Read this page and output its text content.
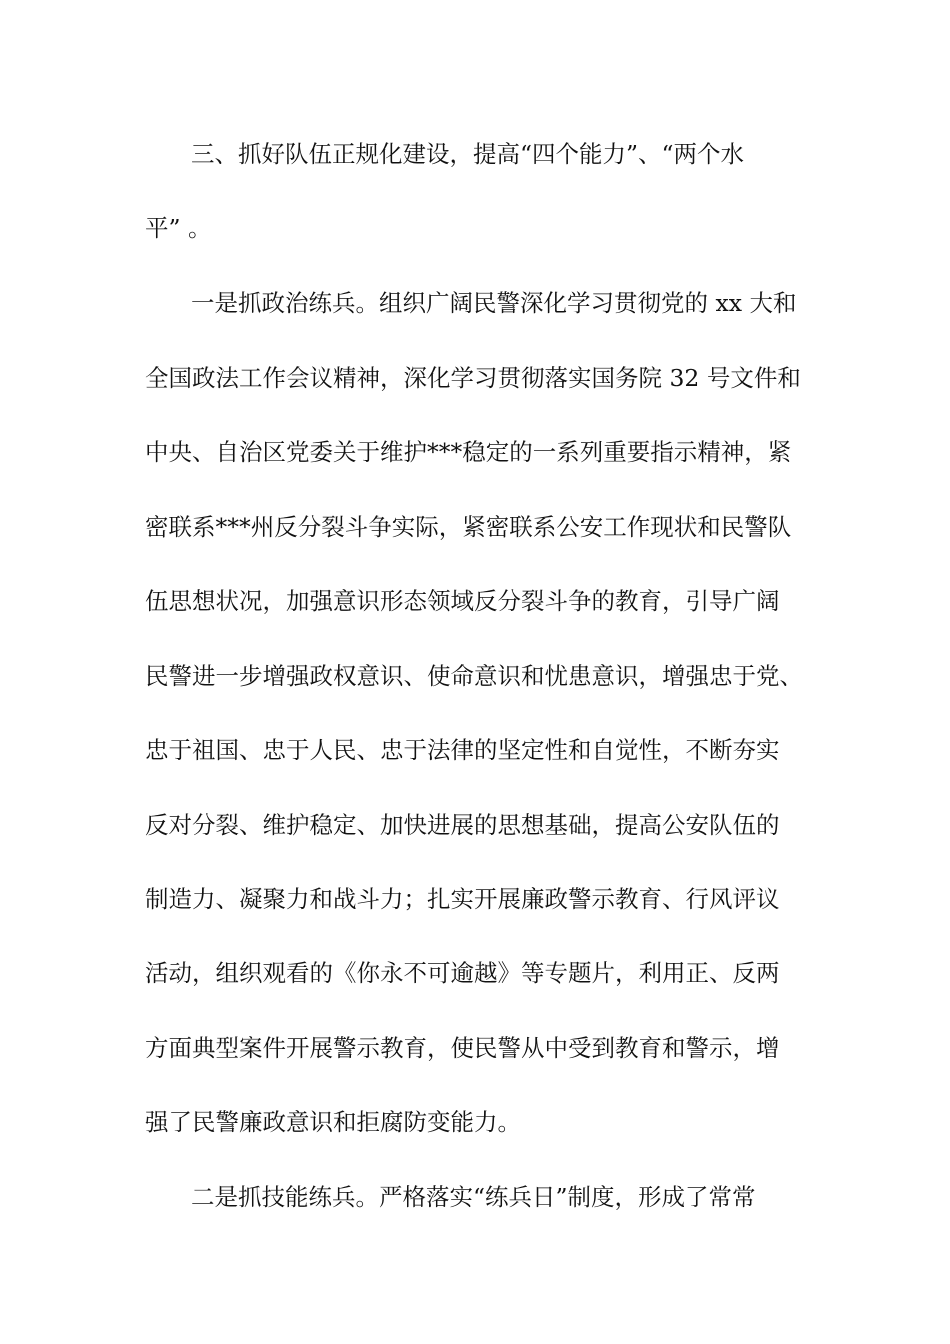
三、抓好队伍正规化建设，提高“四个能力”、“两个水
平” 。
一是抓政治练兵。组织广阔民警深化学习贯彻党的 xx 大和
全国政法工作会议精神，深化学习贯彻落实国务院 32 号文件和
中央、自治区党委关于维护***稳定的一系列重要指示精神，紧
密联系***州反分裂斗争实际，紧密联系公安工作现状和民警队
伍思想状况，加强意识形态领域反分裂斗争的教育，引导广阔
民警进一步增强政权意识、使命意识和忧患意识，增强忠于党、
忠于祖国、忠于人民、忠于法律的坚定性和自觉性，不断夯实
反对分裂、维护稳定、加快进展的思想基础，提高公安队伍的
制造力、凝聚力和战斗力；扎实开展廉政警示教育、行风评议
活动，组织观看的《你永不可逾越》等专题片，利用正、反两
方面典型案件开展警示教育，使民警从中受到教育和警示，增
强了民警廉政意识和拒腐防变能力。
二是抓技能练兵。严格落实“练兵日”制度，形成了常常
